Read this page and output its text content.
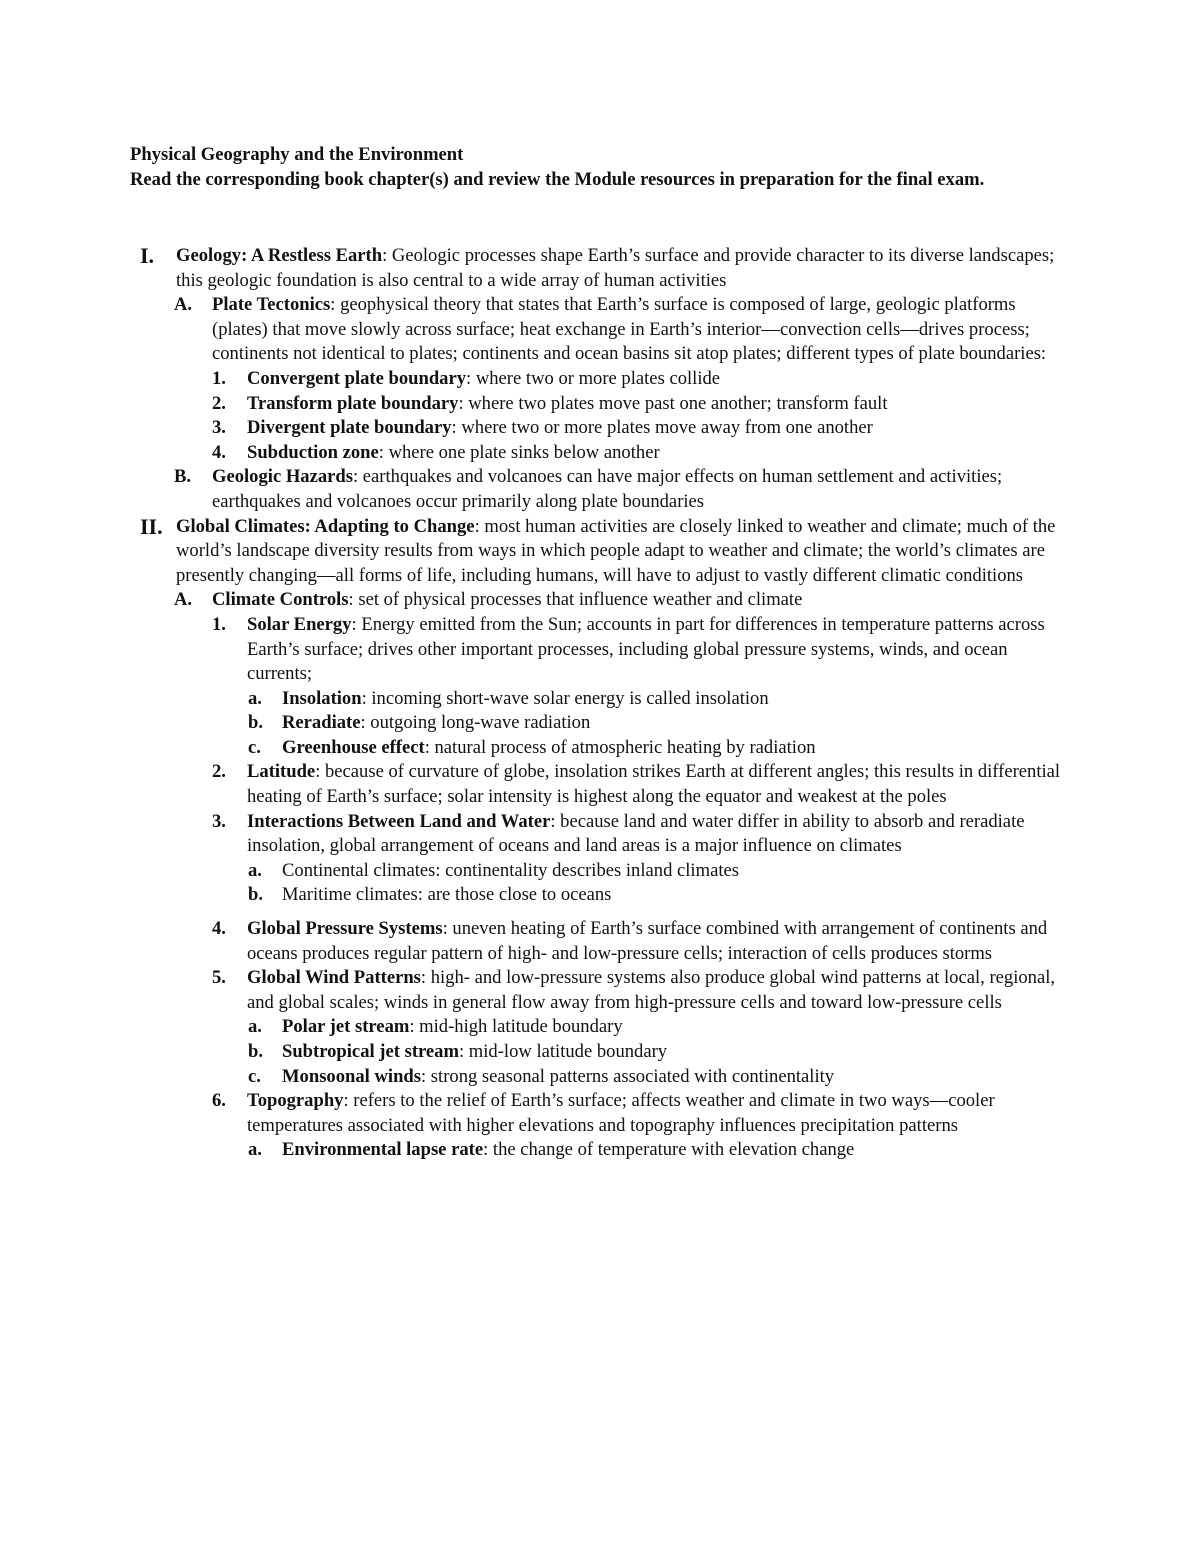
Physical Geography and the Environment
Read the corresponding book chapter(s) and review the Module resources in preparation for the final exam.
I. Geology: A Restless Earth: Geologic processes shape Earth’s surface and provide character to its diverse landscapes; this geologic foundation is also central to a wide array of human activities
A. Plate Tectonics: geophysical theory that states that Earth’s surface is composed of large, geologic platforms (plates) that move slowly across surface; heat exchange in Earth’s interior—convection cells—drives process; continents not identical to plates; continents and ocean basins sit atop plates; different types of plate boundaries:
1. Convergent plate boundary: where two or more plates collide
2. Transform plate boundary: where two plates move past one another; transform fault
3. Divergent plate boundary: where two or more plates move away from one another
4. Subduction zone: where one plate sinks below another
B. Geologic Hazards: earthquakes and volcanoes can have major effects on human settlement and activities; earthquakes and volcanoes occur primarily along plate boundaries
II. Global Climates: Adapting to Change: most human activities are closely linked to weather and climate; much of the world’s landscape diversity results from ways in which people adapt to weather and climate; the world’s climates are presently changing—all forms of life, including humans, will have to adjust to vastly different climatic conditions
A. Climate Controls: set of physical processes that influence weather and climate
1. Solar Energy: Energy emitted from the Sun; accounts in part for differences in temperature patterns across Earth’s surface; drives other important processes, including global pressure systems, winds, and ocean currents;
a. Insolation: incoming short-wave solar energy is called insolation
b. Reradiate: outgoing long-wave radiation
c. Greenhouse effect: natural process of atmospheric heating by radiation
2. Latitude: because of curvature of globe, insolation strikes Earth at different angles; this results in differential heating of Earth’s surface; solar intensity is highest along the equator and weakest at the poles
3. Interactions Between Land and Water: because land and water differ in ability to absorb and reradiate insolation, global arrangement of oceans and land areas is a major influence on climates
a. Continental climates: continentality describes inland climates
b. Maritime climates: are those close to oceans
4. Global Pressure Systems: uneven heating of Earth’s surface combined with arrangement of continents and oceans produces regular pattern of high- and low-pressure cells; interaction of cells produces storms
5. Global Wind Patterns: high- and low-pressure systems also produce global wind patterns at local, regional, and global scales; winds in general flow away from high-pressure cells and toward low-pressure cells
a. Polar jet stream: mid-high latitude boundary
b. Subtropical jet stream: mid-low latitude boundary
c. Monsoonal winds: strong seasonal patterns associated with continentality
6. Topography: refers to the relief of Earth’s surface; affects weather and climate in two ways—cooler temperatures associated with higher elevations and topography influences precipitation patterns
a. Environmental lapse rate: the change of temperature with elevation change
